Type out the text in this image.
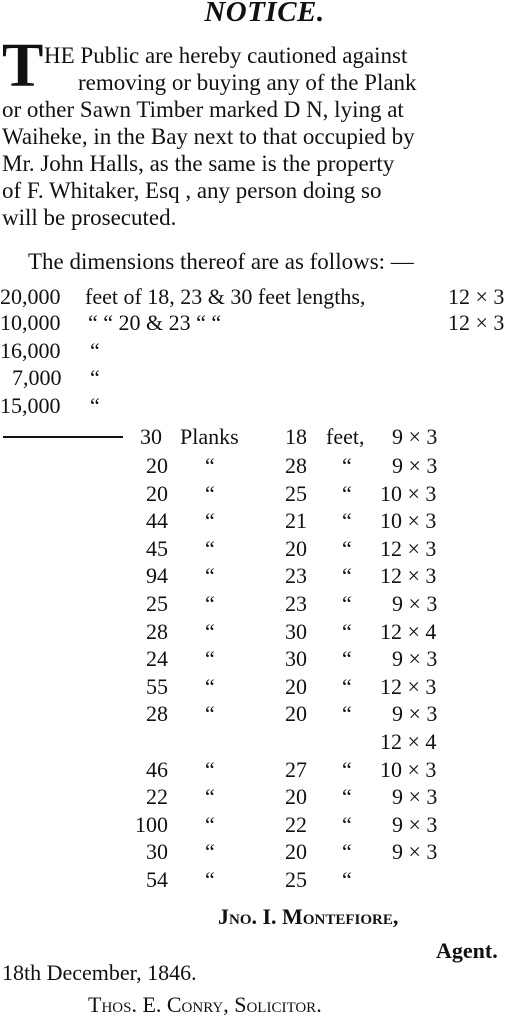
NOTICE.
T HE Public are hereby cautioned against
removing or buying any of the Plank
or other Sawn Timber marked D N, lying at
Waiheke, in the Bay next to that occupied by
Mr. John Halls, as the same is the property
of F. Whitaker, Esq , any person doing so
will be prosecuted.
The dimensions thereof are as follows: —
20,000 feet of 18, 23 & 30 feet lengths,	12 × 3
10,000 “ “ 20 & 23 “ “	12 × 3
16,000 “
7,000 “
15,000 “
30 Planks 18 feet, 9 × 3
20 “	28 “ 9 × 3
20 “	25 “ 10 × 3
44 “	21 “ 10 × 3
45 “	20 “ 12 × 3
94 “	23 “ 12 × 3
25 “	23 “ 9 × 3
28 “	30 “ 12 × 4
24 “	30 “ 9 × 3
55 “	20 “ 12 × 3
28 “	20 “ 9 × 3
12 × 4
46 “	27 “ 10 × 3
22 “	20 “ 9 × 3
100 “	22 “ 9 × 3
30 “	20 “ 9 × 3
54 “	25 “
Jno. I. Montefiore,
Agent.
18th December, 1846.
Thos. E. Conry, Solicitor.
